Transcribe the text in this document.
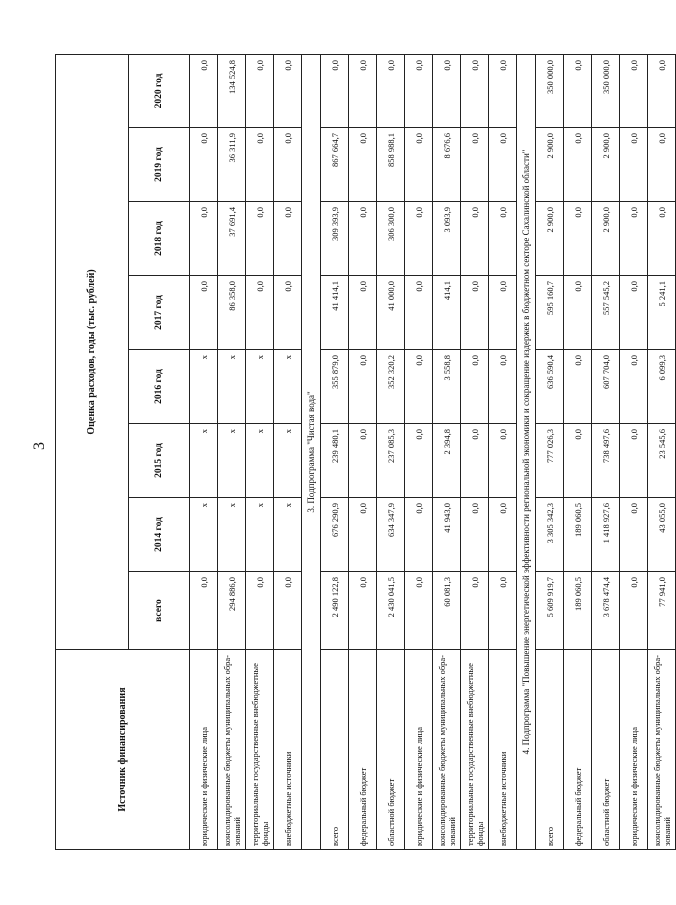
3
Источник финансирования	Оценка расходов, годы (тыс. рублей)							
	всего	2014 год	2015 год	2016 год	2017 год	2018 год	2019 год	2020 год
юридические и физические лица	0,0	х	х	х	0,0	0,0	0,0	0,0
консолидированные бюджеты муниципальных обра-зований	294 886,0	х	х	х	86 358,0	37 691,4	36 311,9	134 524,8
территориальные государственные внебюджетные фонды	0,0	х	х	х	0,0	0,0	0,0	0,0
внебюджетные источники	0,0	х	х	х	0,0	0,0	0,0	0,0
3. Подпрограмма "Чистая вода"								
всего	2 490 122,8	676 290,9	239 480,1	355 879,0	41 414,1	309 393,9	867 664,7	0,0
федеральный бюджет	0,0	0,0	0,0	0,0	0,0	0,0	0,0	0,0
областной бюджет	2 430 041,5	634 347,9	237 085,3	352 320,2	41 000,0	306 300,0	858 988,1	0,0
юридические и физические лица	0,0	0,0	0,0	0,0	0,0	0,0	0,0	0,0
консолидированные бюджеты муниципальных обра-зований	60 081,3	41 943,0	2 394,8	3 558,8	414,1	3 093,9	8 676,6	0,0
территориальные государственные внебюджетные фонды	0,0	0,0	0,0	0,0	0,0	0,0	0,0	0,0
внебюджетные источники	0,0	0,0	0,0	0,0	0,0	0,0	0,0	0,0
4. Подпрограмма "Повышение энергетической эффективности региональной экономики и сокращение издержек в бюджетном секторе Сахалинской области"								
всего	5 609 919,7	3 305 342,3	777 026,3	636 590,4	595 160,7	2 900,0	2 900,0	350 000,0
федеральный бюджет	189 060,5	189 060,5	0,0	0,0	0,0	0,0	0,0	0,0
областной бюджет	3 678 474,4	1 418 927,6	738 497,6	607 704,0	557 545,2	2 900,0	2 900,0	350 000,0
юридические и физические лица	0,0	0,0	0,0	0,0	0,0	0,0	0,0	0,0
консолидированные бюджеты муниципальных обра-зований	77 941,0	43 055,0	23 545,6	6 099,3	5 241,1	0,0	0,0	0,0
